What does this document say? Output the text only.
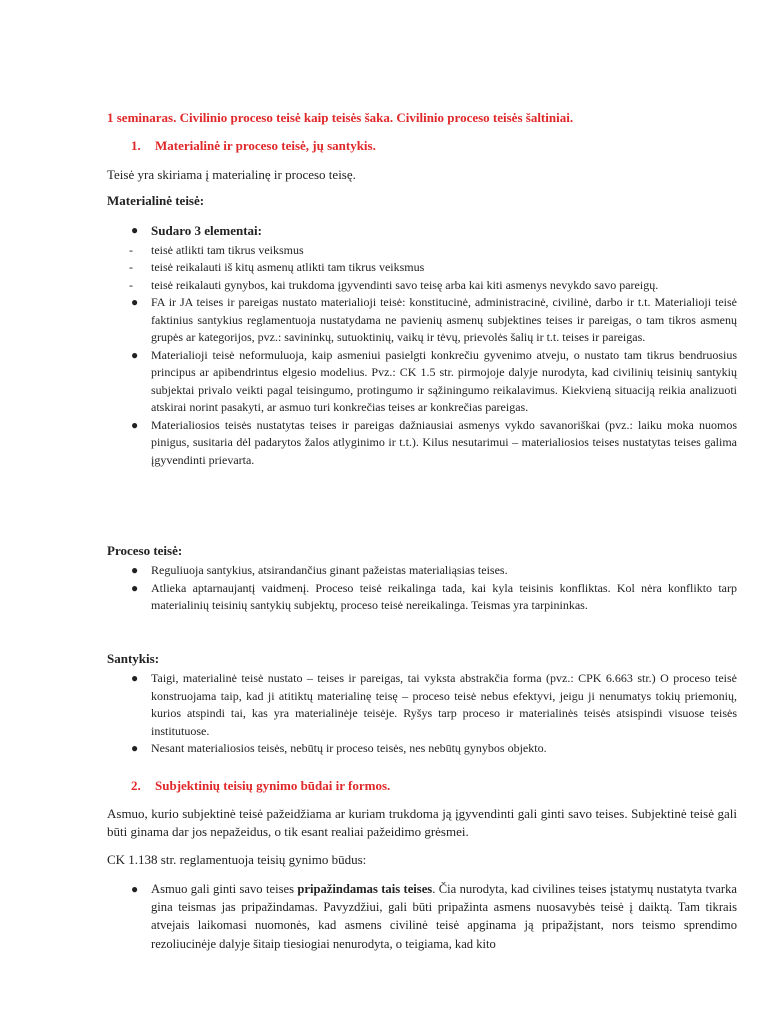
1 seminaras. Civilinio proceso teisė kaip teisės šaka. Civilinio proceso teisės šaltiniai.
1. Materialinė ir proceso teisė, jų santykis.
Teisė yra skiriama į materialinę ir proceso teisę.
Materialinė teisė:
● Sudaro 3 elementai:
- teisė atlikti tam tikrus veiksmus
- teisė reikalauti iš kitų asmenų atlikti tam tikrus veiksmus
- teisė reikalauti gynybos, kai trukdoma įgyvendinti savo teisę arba kai kiti asmenys nevykdo savo pareigų.
● FA ir JA teises ir pareigas nustato materialioji teisė: konstitucinė, administracinė, civilinė, darbo ir t.t. Materialioji teisė faktinius santykius reglamentuoja nustatydama ne pavienių asmenų subjektines teises ir pareigas, o tam tikros asmenų grupės ar kategorijos, pvz.: savininkų, sutuoktinių, vaikų ir tėvų, prievolės šalių ir t.t. teises ir pareigas.
● Materialioji teisė neformuluoja, kaip asmeniui pasielgti konkrečiu gyvenimo atveju, o nustato tam tikrus bendruosius principus ar apibendrintus elgesio modelius. Pvz.: CK 1.5 str. pirmojoje dalyje nurodyta, kad civilinių teisinių santykių subjektai privalo veikti pagal teisingumo, protingumo ir sąžiningumo reikalavimus. Kiekvieną situaciją reikia analizuoti atskirai norint pasakyti, ar asmuo turi konkrečias teises ar konkrečias pareigas.
● Materialiosios teisės nustatytas teises ir pareigas dažniausiai asmenys vykdo savanoriškai (pvz.: laiku moka nuomos pinigus, susitaria dėl padarytos žalos atlyginimo ir t.t.). Kilus nesutarimui – materialiosios teises nustatytas teises galima įgyvendinti prievarta.
Proceso teisė:
● Reguliuoja santykius, atsirandančius ginant pažeistas materialiąsias teises.
● Atlieka aptarnaujantį vaidmenį. Proceso teisė reikalinga tada, kai kyla teisinis konfliktas. Kol nėra konflikto tarp materialinių teisinių santykių subjektų, proceso teisė nereikalinga. Teismas yra tarpininkas.
Santykis:
● Taigi, materialinė teisė nustato – teises ir pareigas, tai vyksta abstrakčia forma (pvz.: CPK 6.663 str.) O proceso teisė konstruojama taip, kad ji atitiktų materialinę teisę – proceso teisė nebus efektyvi, jeigu ji nenumatys tokių priemonių, kurios atspindi tai, kas yra materialinėje teisėje. Ryšys tarp proceso ir materialinės teisės atsispindi visuose teisės institutuose.
● Nesant materialiosios teisės, nebūtų ir proceso teisės, nes nebūtų gynybos objekto.
2. Subjektinių teisių gynimo būdai ir formos.
Asmuo, kurio subjektinė teisė pažeidžiama ar kuriam trukdoma ją įgyvendinti gali ginti savo teises. Subjektinė teisė gali būti ginama dar jos nepažeidus, o tik esant realiai pažeidimo grėsmei.
CK 1.138 str. reglamentuoja teisių gynimo būdus:
● Asmuo gali ginti savo teises pripažindamas tais teises. Čia nurodyta, kad civilines teises įstatymų nustatyta tvarka gina teismas jas pripažindamas. Pavyzdžiui, gali būti pripažinta asmens nuosavybės teisė į daiktą. Tam tikrais atvejais laikomasi nuomonės, kad asmens civilinė teisė apginama ją pripažįstant, nors teismo sprendimo rezoliucinėje dalyje šitaip tiesiogiai nenurodyta, o teigiama, kad kito
